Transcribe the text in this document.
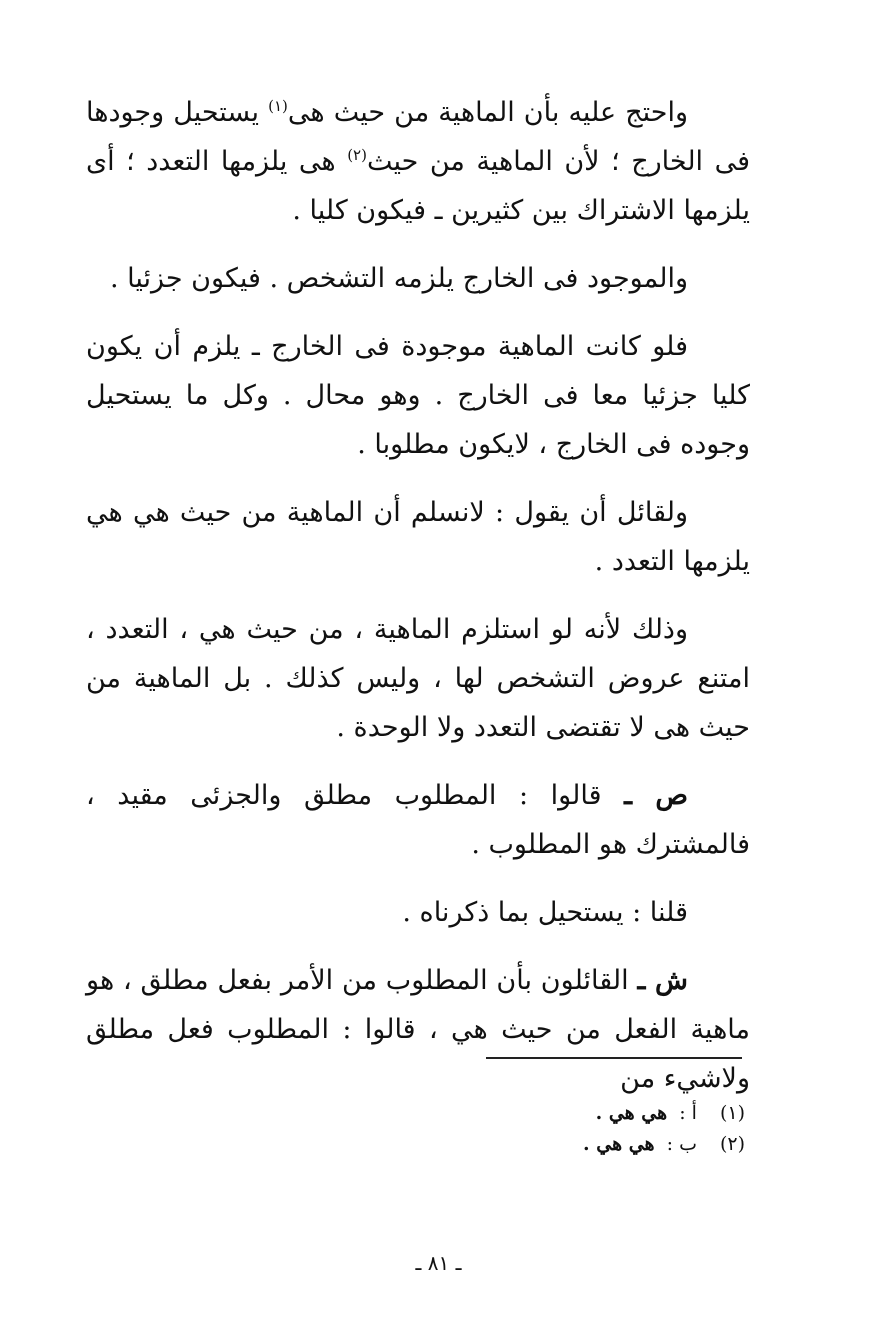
واحتج عليه بأن الماهية من حيث هى$^{(١)}$ يستحيل وجودها فى الخارج ؛ لأن الماهية من حيث$^{(٢)}$ هى يلزمها التعدد ؛ أى يلزمها الاشتراك بين كثيرين ـ فيكون كليا .

والموجود فى الخارج يلزمه التشخص . فيكون جزئيا .

فلو كانت الماهية موجودة فى الخارج ـ يلزم أن يكون كليا جزئيا معا فى الخارج . وهو محال . وكل ما يستحيل وجوده فى الخارج ، لايكون مطلوبا .

ولقائل أن يقول : لانسلم أن الماهية من حيث هي هي يلزمها التعدد .

وذلك لأنه لو استلزم الماهية ، من حيث هي ، التعدد ، امتنع عروض التشخص لها ، وليس كذلك . بل الماهية من حيث هى لا تقتضى التعدد ولا الوحدة .

ص ـ قالوا : المطلوب مطلق والجزئى مقيد ، فالمشترك هو المطلوب .

قلنا : يستحيل بما ذكرناه .

ش ـ القائلون بأن المطلوب من الأمر بفعل مطلق ، هو ماهية الفعل من حيث هي ، قالوا : المطلوب فعل مطلق ولاشيء من

(١) أ : هي هي .
(٢) ب : هي هي .
ـ ٨١ ـ
